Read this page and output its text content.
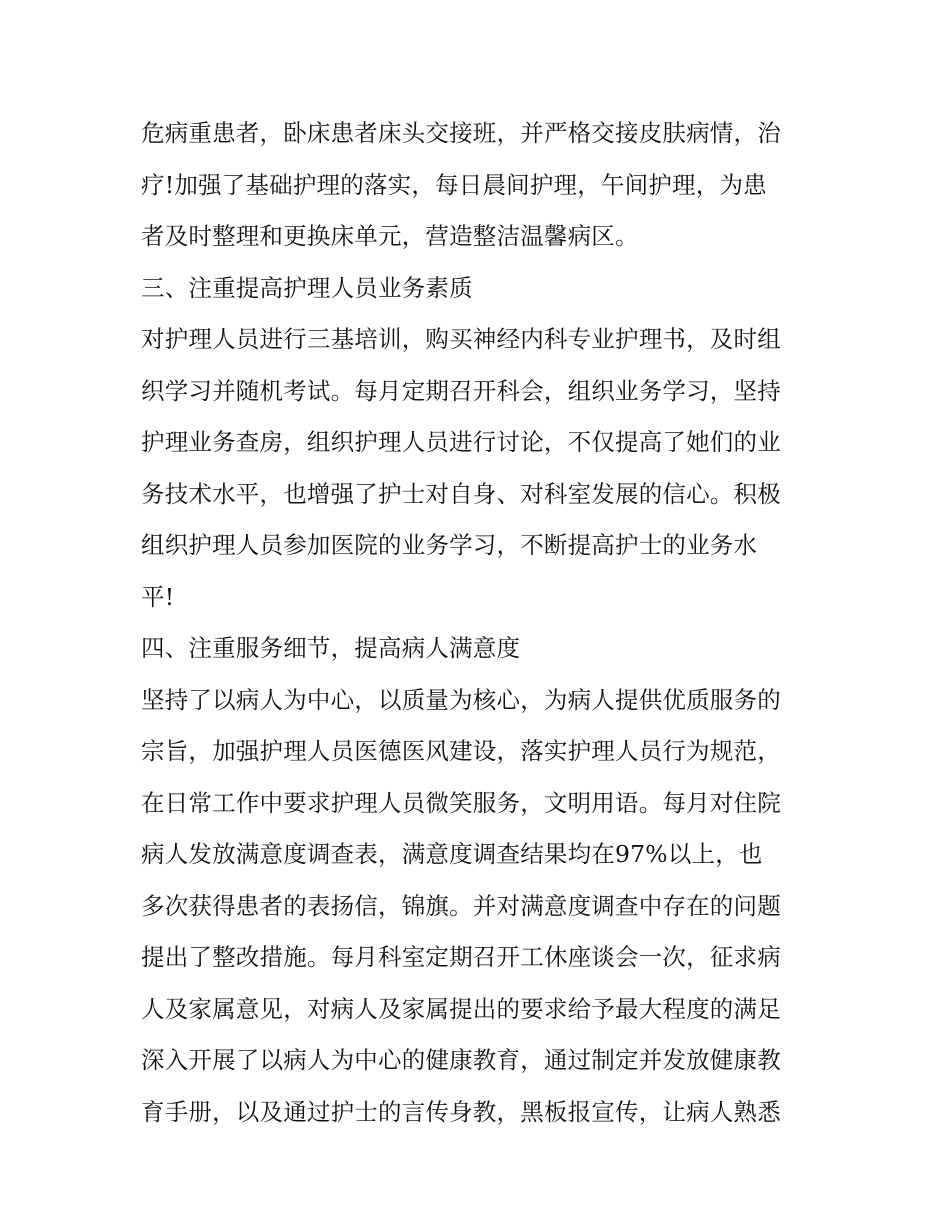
危病重患者，卧床患者床头交接班，并严格交接皮肤病情，治
疗!加强了基础护理的落实，每日晨间护理，午间护理，为患
者及时整理和更换床单元，营造整洁温馨病区。
三、注重提高护理人员业务素质
对护理人员进行三基培训，购买神经内科专业护理书，及时组
织学习并随机考试。每月定期召开科会，组织业务学习，坚持
护理业务查房，组织护理人员进行讨论，不仅提高了她们的业
务技术水平，也增强了护士对自身、对科室发展的信心。积极
组织护理人员参加医院的业务学习，不断提高护士的业务水
平!
四、注重服务细节，提高病人满意度
坚持了以病人为中心，以质量为核心，为病人提供优质服务的
宗旨，加强护理人员医德医风建设，落实护理人员行为规范，
在日常工作中要求护理人员微笑服务，文明用语。每月对住院
病人发放满意度调查表，满意度调查结果均在97%以上，也
多次获得患者的表扬信，锦旗。并对满意度调查中存在的问题
提出了整改措施。每月科室定期召开工休座谈会一次，征求病
人及家属意见，对病人及家属提出的要求给予最大程度的满足
深入开展了以病人为中心的健康教育，通过制定并发放健康教
育手册，以及通过护士的言传身教，黑板报宣传，让病人熟悉
